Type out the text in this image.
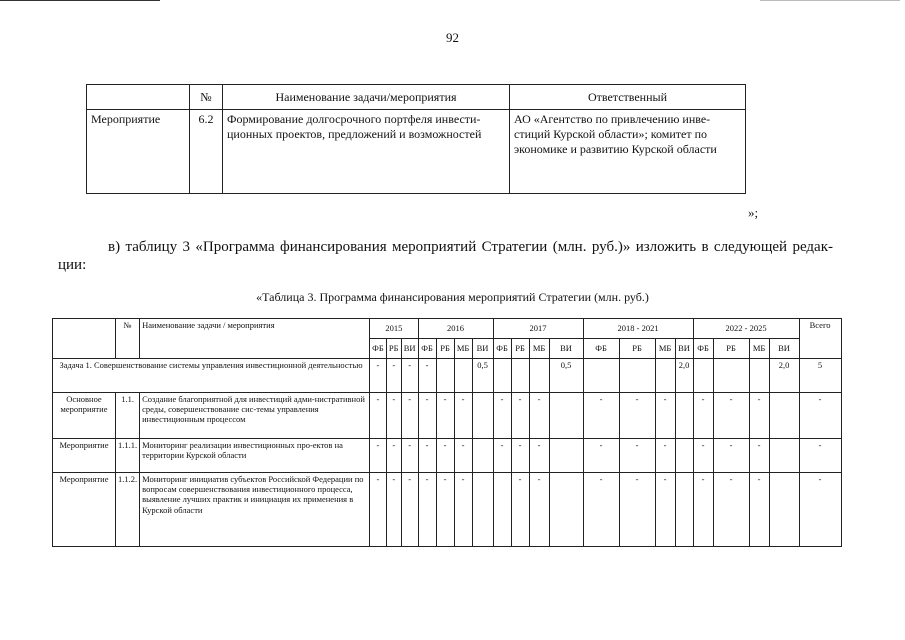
92
	№	Наименование задачи/мероприятия	Ответственный
Мероприятие	6.2	Формирование долгосрочного портфеля инвести-ционных проектов, предложений и возможностей	АО «Агентство по привлечению инве-стиций Курской области»; комитет по экономике и развитию Курской области
»;
в) таблицу 3 «Программа финансирования мероприятий Стратегии (млн. руб.)» изложить в следующей редак-ции:
«Таблица 3. Программа финансирования мероприятий Стратегии (млн. руб.)
	№	Наименование задачи / мероприятия	2015			2016				2017				2018 - 2021				2022 - 2025				Всего
			ФБ	РБ	ВИ	ФБ	РБ	МБ	ВИ	ФБ	РБ	МБ	ВИ	ФБ	РБ	МБ	ВИ	ФБ	РБ	МБ	ВИ	
Задача 1. Совершенствование системы управления инвестиционной деятельностью			-	-	-	-			0,5				0,5				2,0				2,0	5
Основное мероприятие	1.1.	Создание благоприятной для инвестиций адми-нистративной среды, совершенствование сис-темы управления инвестиционным процессом	-	-	-	-	-	-		-	-	-		-	-	-		-	-	-		-
Мероприятие	1.1.1.	Мониторинг реализации инвестиционных про-ектов на территории Курской области	-	-	-	-	-	-		-	-	-		-	-	-		-	-	-		-
Мероприятие	1.1.2.	Мониторинг инициатив субъектов Российской Федерации по вопросам совершенствования инвестиционного процесса, выявление лучших практик и инициация их применения в Курской области	-	-	-	-	-	-			-	-		-	-	-		-	-	-		-
